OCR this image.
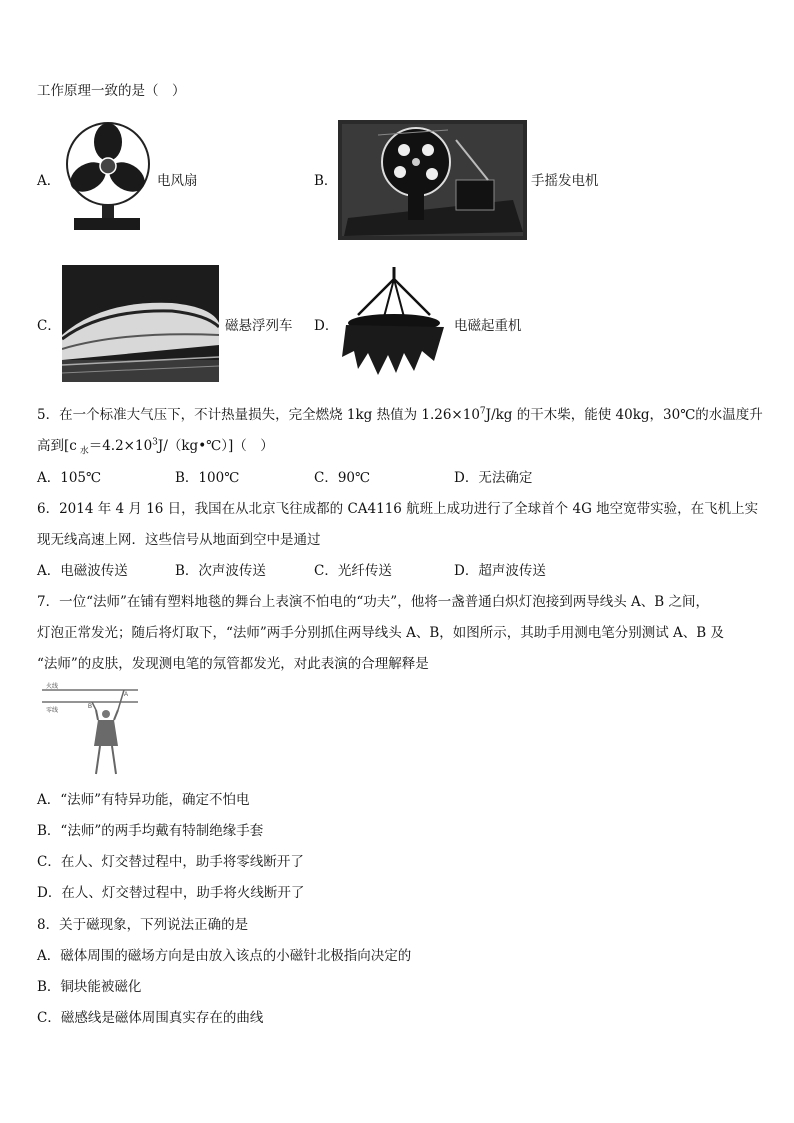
工作原理一致的是（　）
A．	电风扇	B．	手摇发电机
C．	磁悬浮列车 D．	电磁起重机
5．在一个标准大气压下，不计热量损失，完全燃烧 1kg 热值为 $1.26\times 10^7J/kg$ 的干木柴，能使 40kg，30℃的水温度升
高到[c $_水=4.2\times 10^3J/(kg•℃)$]（　）
A．105℃	B．100℃	C．90℃	D．无法确定
6．2014 年 4 月 16 日，我国在从北京飞往成都的 CA4116 航班上成功进行了全球首个 4G 地空宽带实验，在飞机上实
现无线高速上网．这些信号从地面到空中是通过
A．电磁波传送	B．次声波传送	C．光纤传送	D．超声波传送
7．一位“法师”在铺有塑料地毯的舞台上表演不怕电的“功夫”，他将一盏普通白炽灯泡接到两导线头 A、B 之间，
灯泡正常发光；随后将灯取下，“法师”两手分别抓住两导线头 A、B，如图所示，其助手用测电笔分别测试 A、B 及
“法师”的皮肤，发现测电笔的氖管都发光，对此表演的合理解释是
火线
零线
A
B
A．“法师”有特异功能，确定不怕电
B．“法师”的两手均戴有特制绝缘手套
C．在人、灯交替过程中，助手将零线断开了
D．在人、灯交替过程中，助手将火线断开了
8．关于磁现象，下列说法正确的是
A．磁体周围的磁场方向是由放入该点的小磁针北极指向决定的
B．铜块能被磁化
C．磁感线是磁体周围真实存在的曲线
